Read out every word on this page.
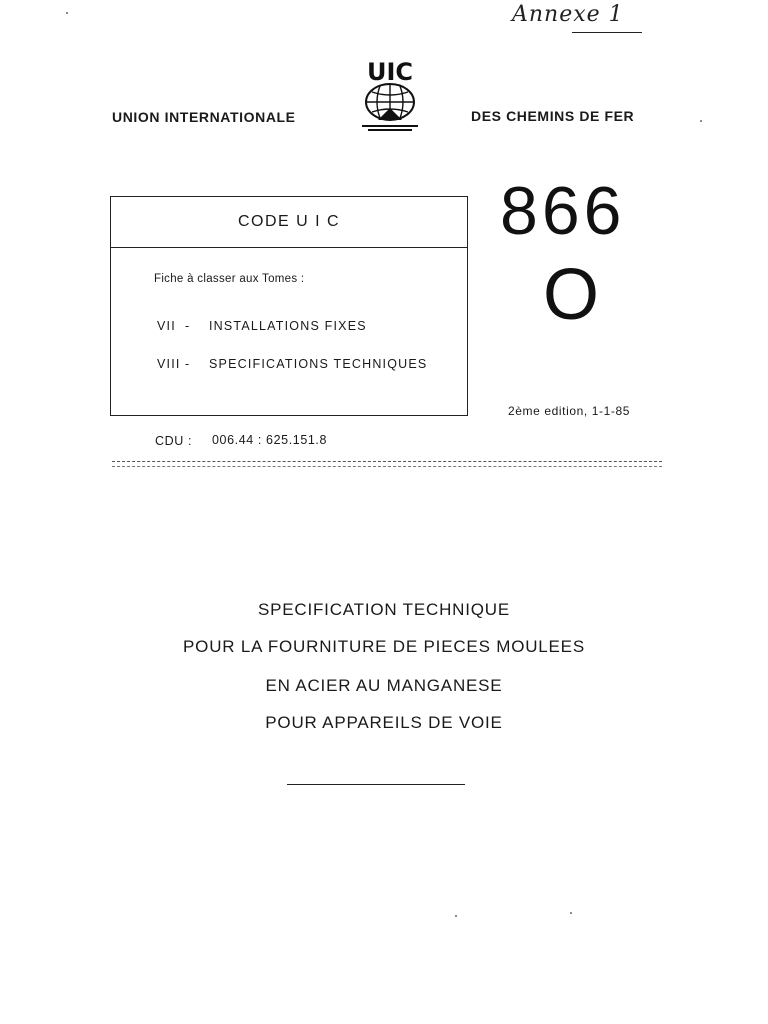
Annexe 1
UIC
UNION INTERNATIONALE	DES CHEMINS DE FER
CODE U I C
Fiche à classer aux Tomes :
VII - INSTALLATIONS FIXES
VIII - SPECIFICATIONS TECHNIQUES
866
O
2ème edition, 1-1-85
CDU : 006.44 : 625.151.8
SPECIFICATION TECHNIQUE
POUR LA FOURNITURE DE PIECES MOULEES
EN ACIER AU MANGANESE
POUR APPAREILS DE VOIE
